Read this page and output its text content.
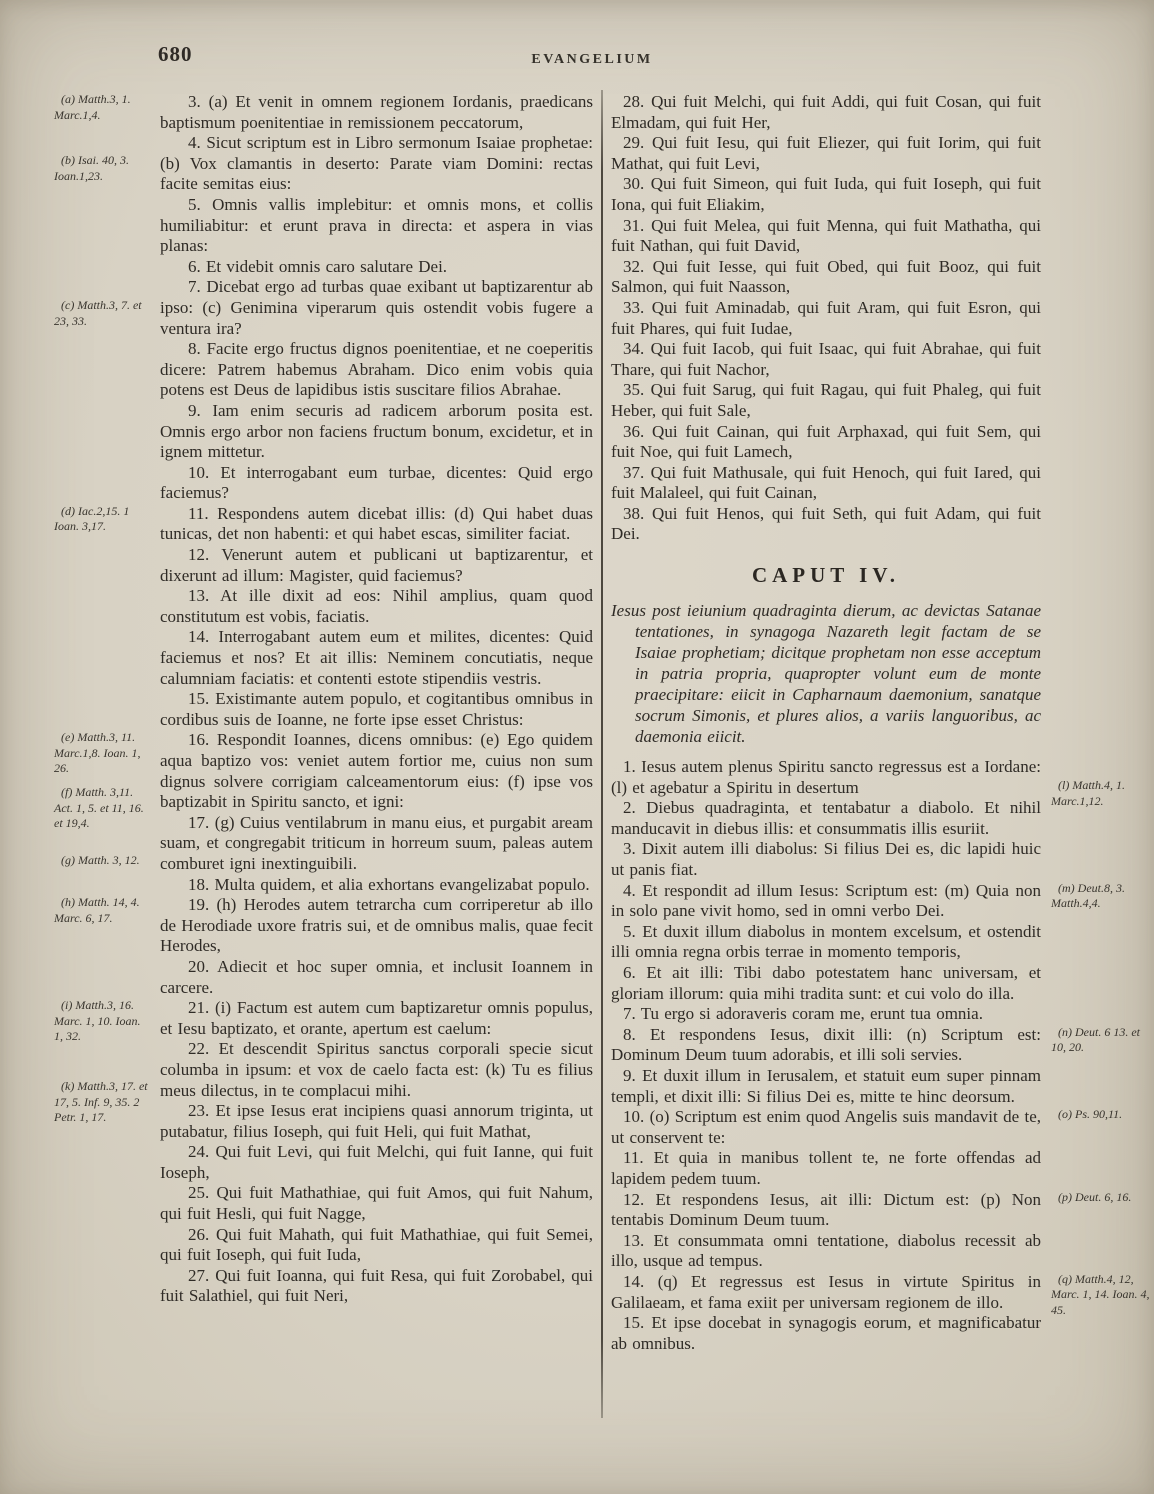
680	EVANGELIUM

3. (a) Et venit in omnem regionem Iordanis, praedicans baptismum poenitentiae in remissionem peccatorum,
(a) Matth.3, 1. Marc.1,4.

4. Sicut scriptum est in Libro sermonum Isaiae prophetae: (b) Vox clamantis in deserto: Parate viam Domini: rectas facite semitas eius:
(b) Isai. 40, 3. Ioan.1,23.

5. Omnis vallis implebitur: et omnis mons, et collis humiliabitur: et erunt prava in directa: et aspera in vias planas:

6. Et videbit omnis caro salutare Dei.

7. Dicebat ergo ad turbas quae exibant ut baptizarentur ab ipso: (c) Genimina viperarum quis ostendit vobis fugere a ventura ira?
(c) Matth.3, 7. et 23, 33.

8. Facite ergo fructus dignos poenitentiae, et ne coeperitis dicere: Patrem habemus Abraham. Dico enim vobis quia potens est Deus de lapidibus istis suscitare filios Abrahae.

9. Iam enim securis ad radicem arborum posita est. Omnis ergo arbor non faciens fructum bonum, excidetur, et in ignem mittetur.

10. Et interrogabant eum turbae, dicentes: Quid ergo faciemus?

11. Respondens autem dicebat illis: (d) Qui habet duas tunicas, det non habenti: et qui habet escas, similiter faciat.
(d) Iac.2,15. 1 Ioan. 3,17.

12. Venerunt autem et publicani ut baptizarentur, et dixerunt ad illum: Magister, quid faciemus?

13. At ille dixit ad eos: Nihil amplius, quam quod constitutum est vobis, faciatis.

14. Interrogabant autem eum et milites, dicentes: Quid faciemus et nos? Et ait illis: Neminem concutiatis, neque calumniam faciatis: et contenti estote stipendiis vestris.

15. Existimante autem populo, et cogitantibus omnibus in cordibus suis de Ioanne, ne forte ipse esset Christus:

16. Respondit Ioannes, dicens omnibus: (e) Ego quidem aqua baptizo vos: veniet autem fortior me, cuius non sum dignus solvere corrigiam calceamentorum eius: (f) ipse vos baptizabit in Spiritu sancto, et igni:
(e) Matth.3, 11. Marc.1,8. Ioan. 1, 26.
(f) Matth. 3,11. Act. 1, 5. et 11, 16. et 19,4.	17. (g) Cuius ventilabrum in manu eius, et purgabit aream suam, et congregabit triticum in horreum suum, paleas autem comburet igni inextinguibili.
(g) Matth. 3, 12.

18. Multa quidem, et alia exhortans evangelizabat populo.

19. (h) Herodes autem tetrarcha cum corriperetur ab illo de Herodiade uxore fratris sui, et de omnibus malis, quae fecit Herodes,
(h) Matth. 14, 4. Marc. 6, 17.

20. Adiecit et hoc super omnia, et inclusit Ioannem in carcere.

21. (i) Factum est autem cum baptizaretur omnis populus, et Iesu baptizato, et orante, apertum est caelum:
(i) Matth.3, 16. Marc. 1, 10. Ioan. 1, 32.

22. Et descendit Spiritus sanctus corporali specie sicut columba in ipsum: et vox de caelo facta est: (k) Tu es filius meus dilectus, in te complacui mihi.
(k) Matth.3, 17. et 17, 5. Inf. 9, 35. 2 Petr. 1, 17.	23. Et ipse Iesus erat incipiens quasi annorum triginta, ut putabatur, filius Ioseph, qui fuit Heli, qui fuit Mathat,

24. Qui fuit Levi, qui fuit Melchi, qui fuit Ianne, qui fuit Ioseph,

25. Qui fuit Mathathiae, qui fuit Amos, qui fuit Nahum, qui fuit Hesli, qui fuit Nagge,

26. Qui fuit Mahath, qui fuit Mathathiae, qui fuit Semei, qui fuit Ioseph, qui fuit Iuda,

27. Qui fuit Ioanna, qui fuit Resa, qui fuit Zorobabel, qui fuit Salathiel, qui fuit Neri,

28. Qui fuit Melchi, qui fuit Addi, qui fuit Cosan, qui fuit Elmadam, qui fuit Her,

29. Qui fuit Iesu, qui fuit Eliezer, qui fuit Iorim, qui fuit Mathat, qui fuit Levi,

30. Qui fuit Simeon, qui fuit Iuda, qui fuit Ioseph, qui fuit Iona, qui fuit Eliakim,

31. Qui fuit Melea, qui fuit Menna, qui fuit Mathatha, qui fuit Nathan, qui fuit David,

32. Qui fuit Iesse, qui fuit Obed, qui fuit Booz, qui fuit Salmon, qui fuit Naasson,

33. Qui fuit Aminadab, qui fuit Aram, qui fuit Esron, qui fuit Phares, qui fuit Iudae,

34. Qui fuit Iacob, qui fuit Isaac, qui fuit Abrahae, qui fuit Thare, qui fuit Nachor,

35. Qui fuit Sarug, qui fuit Ragau, qui fuit Phaleg, qui fuit Heber, qui fuit Sale,

36. Qui fuit Cainan, qui fuit Arphaxad, qui fuit Sem, qui fuit Noe, qui fuit Lamech,

37. Qui fuit Mathusale, qui fuit Henoch, qui fuit Iared, qui fuit Malaleel, qui fuit Cainan,

38. Qui fuit Henos, qui fuit Seth, qui fuit Adam, qui fuit Dei.

CAPUT IV.

Iesus post ieiunium quadraginta dierum, ac devictas Satanae tentationes, in synagoga Nazareth legit factam de se Isaiae prophetiam; dicitque prophetam non esse acceptum in patria propria, quapropter volunt eum de monte praecipitare: eiicit in Capharnaum daemonium, sanatque socrum Simonis, et plures alios, a variis languoribus, ac daemonia eiicit.

1. Iesus autem plenus Spiritu sancto regressus est a Iordane: (l) et agebatur a Spiritu in desertum	(l) Matth.4, 1. Marc.1,12.

2. Diebus quadraginta, et tentabatur a diabolo. Et nihil manducavit in diebus illis: et consummatis illis esuriit.

3. Dixit autem illi diabolus: Si filius Dei es, dic lapidi huic ut panis fiat.

4. Et respondit ad illum Iesus: Scriptum est: (m) Quia non in solo pane vivit homo, sed in omni verbo Dei.
(m) Deut.8, 3. Matth.4,4.

5. Et duxit illum diabolus in montem excelsum, et ostendit illi omnia regna orbis terrae in momento temporis,

6. Et ait illi: Tibi dabo potestatem hanc universam, et gloriam illorum: quia mihi tradita sunt: et cui volo do illa.

7. Tu ergo si adoraveris coram me, erunt tua omnia.

8. Et respondens Iesus, dixit illi: (n) Scriptum est: Dominum Deum tuum adorabis, et illi soli servies.
(n) Deut. 6 13. et 10, 20.

9. Et duxit illum in Ierusalem, et statuit eum super pinnam templi, et dixit illi: Si filius Dei es, mitte te hinc deorsum.

10. (o) Scriptum est enim quod Angelis suis mandavit de te, ut conservent te:
(o) Ps. 90,11.

11. Et quia in manibus tollent te, ne forte offendas ad lapidem pedem tuum.

12. Et respondens Iesus, ait illi: Dictum est: (p) Non tentabis Dominum Deum tuum.
(p) Deut. 6, 16.

13. Et consummata omni tentatione, diabolus recessit ab illo, usque ad tempus.

14. (q) Et regressus est Iesus in virtute Spiritus in Galilaeam, et fama exiit per universam regionem de illo.
(q) Matth.4, 12, Marc. 1, 14. Ioan. 4, 45.

15. Et ipse docebat in synagogis eorum, et magnificabatur ab omnibus.
